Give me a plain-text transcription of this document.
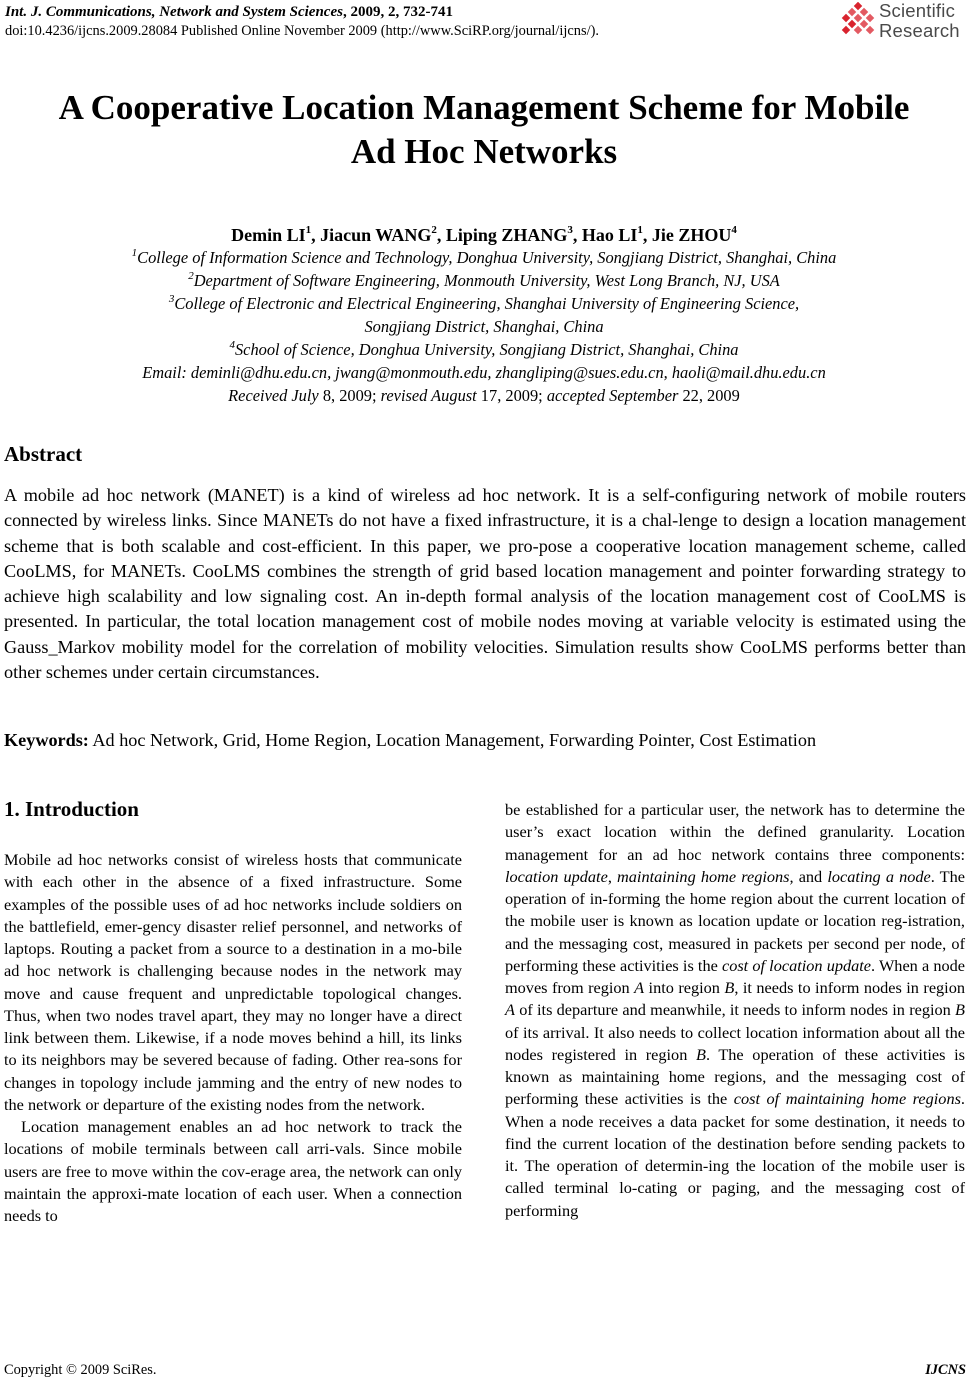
Int. J. Communications, Network and System Sciences, 2009, 2, 732-741
doi:10.4236/ijcns.2009.28084 Published Online November 2009 (http://www.SciRP.org/journal/ijcns/).
Scientific
Research
A Cooperative Location Management Scheme for Mobile
Ad Hoc Networks
Demin $LI^1$, Jiacun WANG$^2$, Liping ZHANG$^3$, Hao $LI^1$, Jie ZHOU$^4$
$^1$College of Information Science and Technology, Donghua University, Songjiang District, Shanghai, China
$^2$Department of Software Engineering, Monmouth University, West Long Branch, NJ, USA
$^3$College of Electronic and Electrical Engineering, Shanghai University of Engineering Science,
Songjiang District, Shanghai, China
$^4$School of Science, Donghua University, Songjiang District, Shanghai, China
Email: deminli@dhu.edu.cn, jwang@monmouth.edu, zhangliping@sues.edu.cn, haoli@mail.dhu.edu.cn
Received July 8, 2009; revised August 17, 2009; accepted September 22, 2009
Abstract
A mobile ad hoc network (MANET) is a kind of wireless ad hoc network. It is a self-configuring network of mobile routers connected by wireless links. Since MANETs do not have a fixed infrastructure, it is a chal-lenge to design a location management scheme that is both scalable and cost-efficient. In this paper, we pro-pose a cooperative location management scheme, called CooLMS, for MANETs. CooLMS combines the strength of grid based location management and pointer forwarding strategy to achieve high scalability and low signaling cost. An in-depth formal analysis of the location management cost of CooLMS is presented. In particular, the total location management cost of mobile nodes moving at variable velocity is estimated using the Gauss_Markov mobility model for the correlation of mobility velocities. Simulation results show CooLMS performs better than other schemes under certain circumstances.
Keywords: Ad hoc Network, Grid, Home Region, Location Management, Forwarding Pointer, Cost Estimation
1. Introduction

Mobile ad hoc networks consist of wireless hosts that communicate with each other in the absence of a fixed infrastructure. Some examples of the possible uses of ad hoc networks include soldiers on the battlefield, emer-gency disaster relief personnel, and networks of laptops. Routing a packet from a source to a destination in a mo-bile ad hoc network is challenging because nodes in the network may move and cause frequent and unpredictable topological changes. Thus, when two nodes travel apart, they may no longer have a direct link between them. Likewise, if a node moves behind a hill, its links to its neighbors may be severed because of fading. Other rea-sons for changes in topology include jamming and the entry of new nodes to the network or departure of the existing nodes from the network.

Location management enables an ad hoc network to track the locations of mobile terminals between call arri-vals. Since mobile users are free to move within the cov-erage area, the network can only maintain the approxi-mate location of each user. When a connection needs to

be established for a particular user, the network has to determine the user’s exact location within the defined granularity. Location management for an ad hoc network contains three components: location update, maintaining home regions, and locating a node. The operation of in-forming the home region about the current location of the mobile user is known as location update or location reg-istration, and the messaging cost, measured in packets per second per node, of performing these activities is the cost of location update. When a node moves from region A into region B, it needs to inform nodes in region A of its departure and meanwhile, it needs to inform nodes in region B of its arrival. It also needs to collect location information about all the nodes registered in region B. The operation of these activities is known as maintaining home regions, and the messaging cost of performing these activities is the cost of maintaining home regions. When a node receives a data packet for some destination, it needs to find the current location of the destination before sending packets to it. The operation of determin-ing the location of the mobile user is called terminal lo-cating or paging, and the messaging cost of performing

Copyright © 2009 SciRes.	IJCNS
